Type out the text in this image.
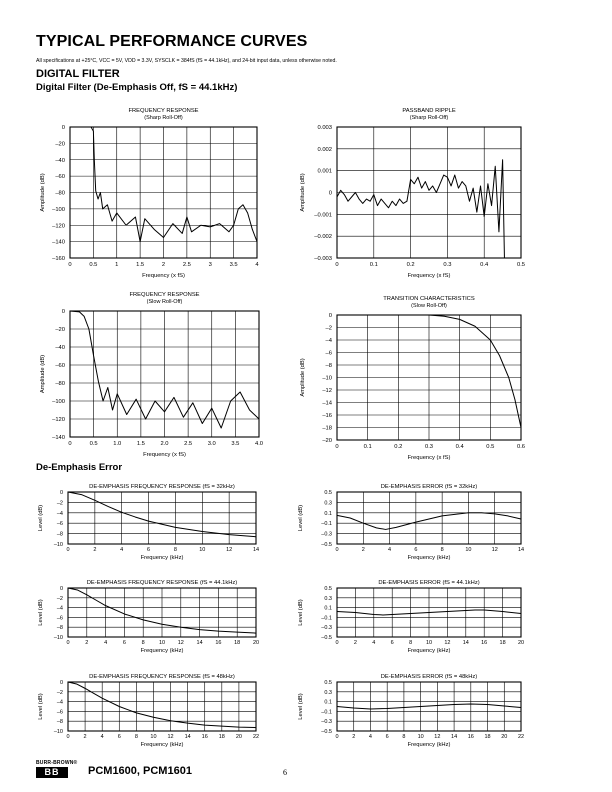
TYPICAL PERFORMANCE CURVES
All specifications at +25°C, VCC = 5V, VDD = 3.3V, SYSCLK = 384fS (fS = 44.1kHz), and 24-bit input data, unless otherwise noted.
DIGITAL FILTER
Digital Filter (De-Emphasis Off, fS = 44.1kHz)
De-Emphasis Error
FREQUENCY RESPONSE
(Sharp Roll-Off)
0	0.5	1	1.5	2	2.5	3	3.5	4
0
–20
–40
–60
–80
–100
–120
–140
–160
Frequency (x fS)
Amplitude (dB)
PASSBAND RIPPLE
(Sharp Roll-Off)
0	0.1	0.2	0.3	0.4	0.5
0.003
0.002
0.001
0
–0.001
–0.002
–0.003
Frequency (x fS)
Amplitude (dB)
FREQUENCY RESPONSE
(Slow Roll-Off)
0	0.5	1.0	1.5	2.0	2.5	3.0	3.5	4.0
0
–20
–40
–60
–80
–100
–120
–140
Frequency (x fS)
Amplitude (dB)
TRANSITION CHARACTERISTICS
(Slow Roll-Off)
0	0.1	0.2	0.3	0.4	0.5	0.6
0
–2
–4
–6
–8
–10
–12
–14
–16
–18
–20
Frequency (x fS)
Amplitude (dB)
DE-EMPHASIS FREQUENCY RESPONSE (fS = 32kHz)
0	2	4	6	8	10	12	14
0
–2
–4
–6
–8
–10
Frequency (kHz)
Level (dB)
DE-EMPHASIS ERROR (fS = 32kHz)
0	2	4	6	8	10	12	14
0.5
0.3
0.1
–0.1
–0.3
–0.5
Frequency (kHz)
Level (dB)
DE-EMPHASIS FREQUENCY RESPONSE (fS = 44.1kHz)
0	2	4	6	8	10 12 14 16 18 20
0
–2
–4
–6
–8
–10
Frequency (kHz)
Level (dB)
DE-EMPHASIS ERROR (fS = 44.1kHz)
0	2	4	6	8	10 12 14 16 18 20
0.5
0.3
0.1
–0.1
–0.3
–0.5
Frequency (kHz)
Level (dB)
DE-EMPHASIS FREQUENCY RESPONSE (fS = 48kHz)
0	2	4	6	8 10 12 14 16 18 20 22
0
–2
–4
–6
–8
–10
Frequency (kHz)
Level (dB)
DE-EMPHASIS ERROR (fS = 48kHz)
0 2 4 6 8 10 12 14 16 18 20 22
0.5
0.3
0.1
–0.1
–0.3
–0.5
Frequency (kHz)
Level (dB)
BURR-BROWN®
BB	PCM1600, PCM1601	6
